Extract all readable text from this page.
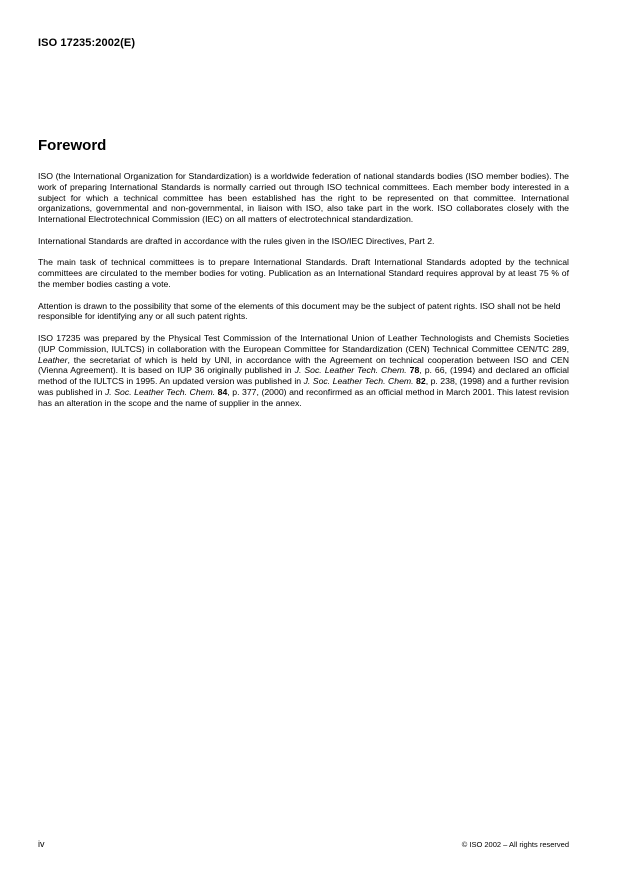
ISO 17235:2002(E)
Foreword

ISO (the International Organization for Standardization) is a worldwide federation of national standards bodies (ISO member bodies). The work of preparing International Standards is normally carried out through ISO technical committees. Each member body interested in a subject for which a technical committee has been established has the right to be represented on that committee. International organizations, governmental and non-governmental, in liaison with ISO, also take part in the work. ISO collaborates closely with the International Electrotechnical Commission (IEC) on all matters of electrotechnical standardization.

International Standards are drafted in accordance with the rules given in the ISO/IEC Directives, Part 2.

The main task of technical committees is to prepare International Standards. Draft International Standards adopted by the technical committees are circulated to the member bodies for voting. Publication as an International Standard requires approval by at least 75 % of the member bodies casting a vote.

Attention is drawn to the possibility that some of the elements of this document may be the subject of patent rights. ISO shall not be held responsible for identifying any or all such patent rights.

ISO 17235 was prepared by the Physical Test Commission of the International Union of Leather Technologists and Chemists Societies (IUP Commission, IULTCS) in collaboration with the European Committee for Standardization (CEN) Technical Committee CEN/TC 289, Leather, the secretariat of which is held by UNI, in accordance with the Agreement on technical cooperation between ISO and CEN (Vienna Agreement). It is based on IUP 36 originally published in J. Soc. Leather Tech. Chem. 78, p. 66, (1994) and declared an official method of the IULTCS in 1995. An updated version was published in J. Soc. Leather Tech. Chem. 82, p. 238, (1998) and a further revision was published in J. Soc. Leather Tech. Chem. 84, p. 377, (2000) and reconfirmed as an official method in March 2001. This latest revision has an alteration in the scope and the name of supplier in the annex.

iv	© ISO 2002 – All rights reserved
